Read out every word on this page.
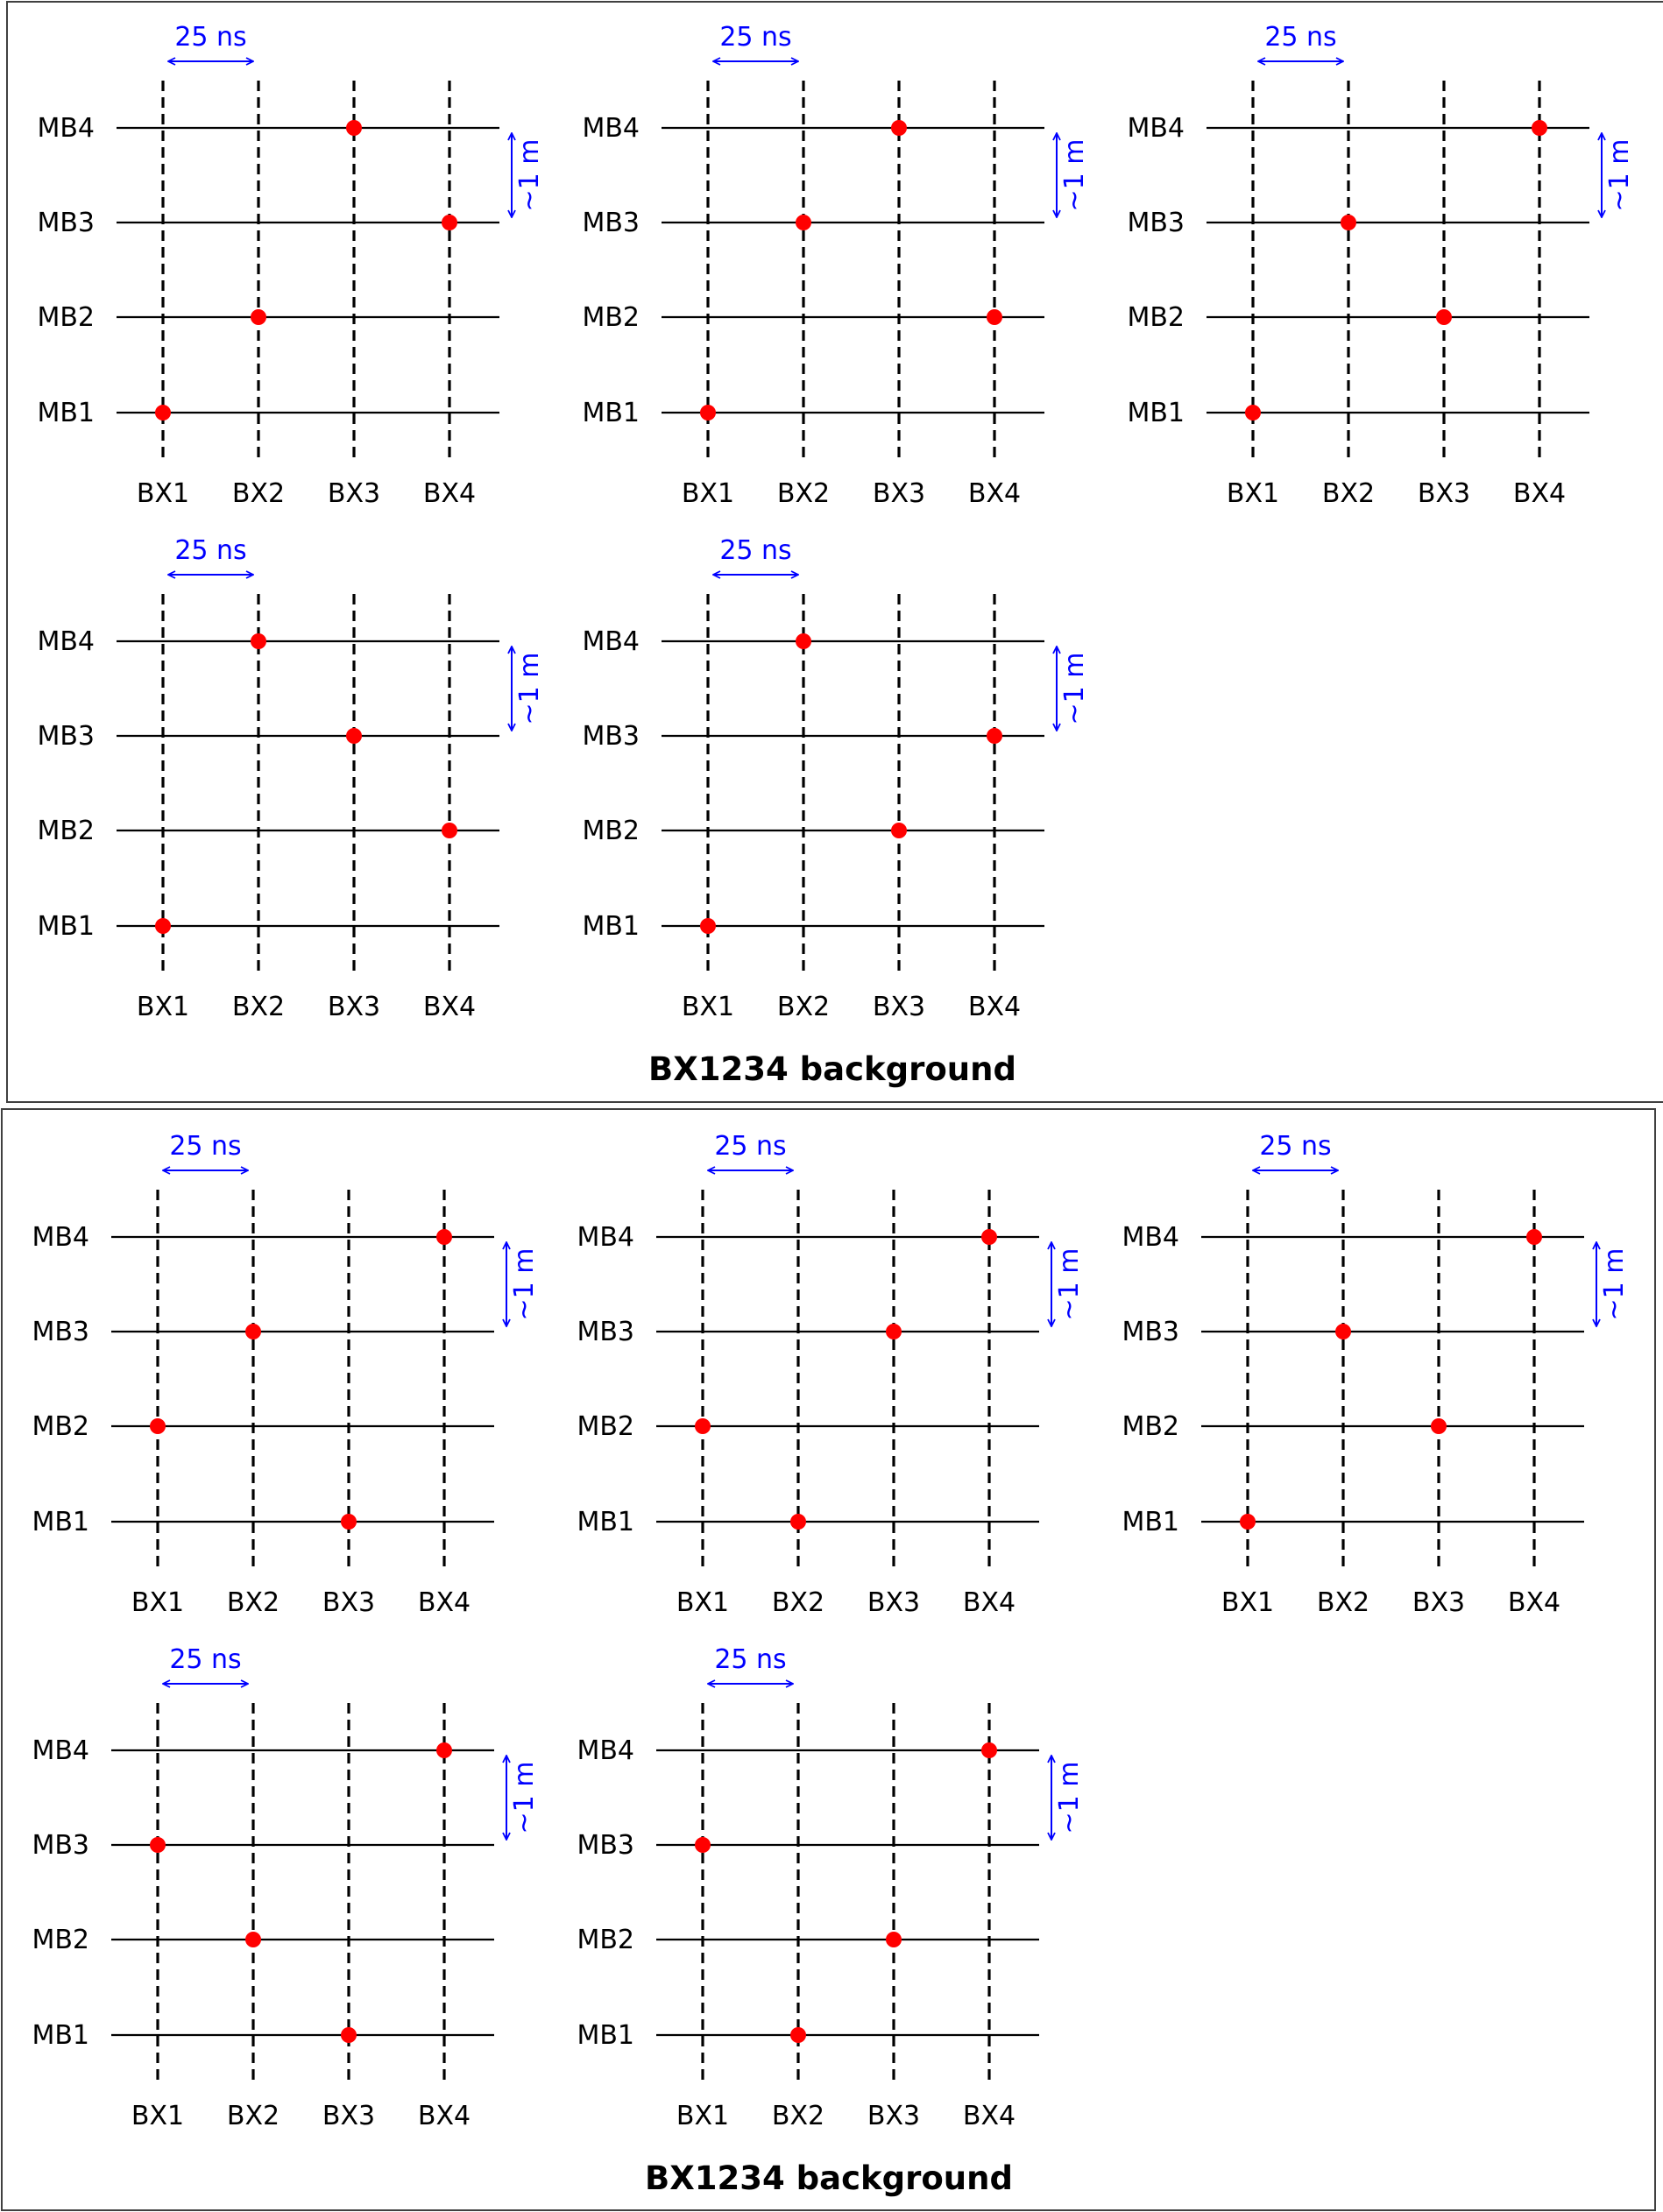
MB1
MB2
MB3
MB4
BX1 BX2 BX3 BX4
25 ns
~1 m
MB1
MB2
MB3
MB4
BX1 BX2 BX3 BX4
25 ns
~1 m
MB1
MB2
MB3
MB4
BX1 BX2 BX3 BX4
25 ns
~1 m
MB1
MB2
MB3
MB4
BX1 BX2 BX3 BX4
25 ns
~1 m
MB1
MB2
MB3
MB4
BX1 BX2 BX3 BX4
25 ns
~1 m
BX1234 background
MB1
MB2
MB3
MB4
BX1 BX2 BX3 BX4
25 ns
~1 m
MB1
MB2
MB3
MB4
BX1 BX2 BX3 BX4
25 ns
~1 m
MB1
MB2
MB3
MB4
BX1 BX2 BX3 BX4
25 ns
~1 m
MB1
MB2
MB3
MB4
BX1 BX2 BX3 BX4
25 ns
~1 m
MB1
MB2
MB3
MB4
BX1 BX2 BX3 BX4
25 ns
~1 m
BX1234 background
